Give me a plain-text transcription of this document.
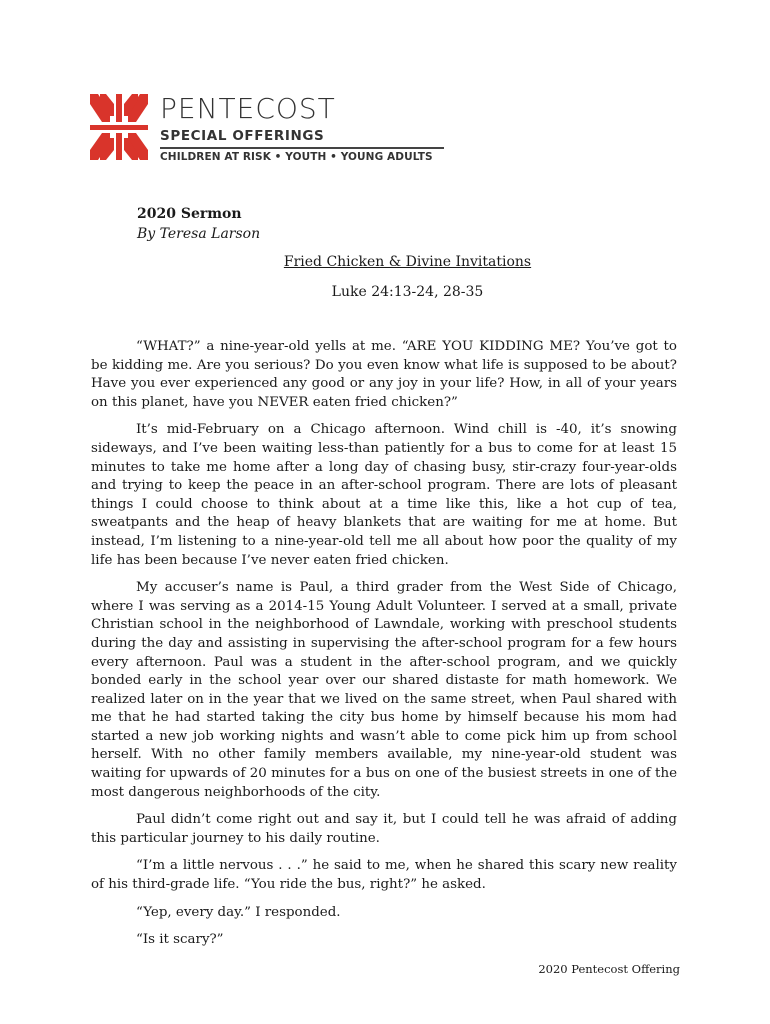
PENTECOST
SPECIAL OFFERINGS
CHILDREN AT RISK • YOUTH • YOUNG ADULTS
2020 Sermon
By Teresa Larson
Fried Chicken & Divine Invitations
Luke 24:13-24, 28-35

“WHAT?” a nine-year-old yells at me. “ARE YOU KIDDING ME? You’ve got to be kidding me. Are you serious? Do you even know what life is supposed to be about? Have you ever experienced any good or any joy in your life? How, in all of your years on this planet, have you NEVER eaten fried chicken?”

It’s mid-February on a Chicago afternoon. Wind chill is -40, it’s snowing sideways, and I’ve been waiting less-than patiently for a bus to come for at least 15 minutes to take me home after a long day of chasing busy, stir-crazy four-year-olds and trying to keep the peace in an after-school program. There are lots of pleasant things I could choose to think about at a time like this, like a hot cup of tea, sweatpants and the heap of heavy blankets that are waiting for me at home. But instead, I’m listening to a nine-year-old tell me all about how poor the quality of my life has been because I’ve never eaten fried chicken.

My accuser’s name is Paul, a third grader from the West Side of Chicago, where I was serving as a 2014-15 Young Adult Volunteer. I served at a small, private Christian school in the neighborhood of Lawndale, working with preschool students during the day and assisting in supervising the after-school program for a few hours every afternoon. Paul was a student in the after-school program, and we quickly bonded early in the school year over our shared distaste for math homework. We realized later on in the year that we lived on the same street, when Paul shared with me that he had started taking the city bus home by himself because his mom had started a new job working nights and wasn’t able to come pick him up from school herself. With no other family members available, my nine-year-old student was waiting for upwards of 20 minutes for a bus on one of the busiest streets in one of the most dangerous neighborhoods of the city.

Paul didn’t come right out and say it, but I could tell he was afraid of adding this particular journey to his daily routine.

“I’m a little nervous . . .” he said to me, when he shared this scary new reality of his third-grade life. “You ride the bus, right?” he asked.

“Yep, every day.” I responded.

“Is it scary?”

2020 Pentecost Offering
